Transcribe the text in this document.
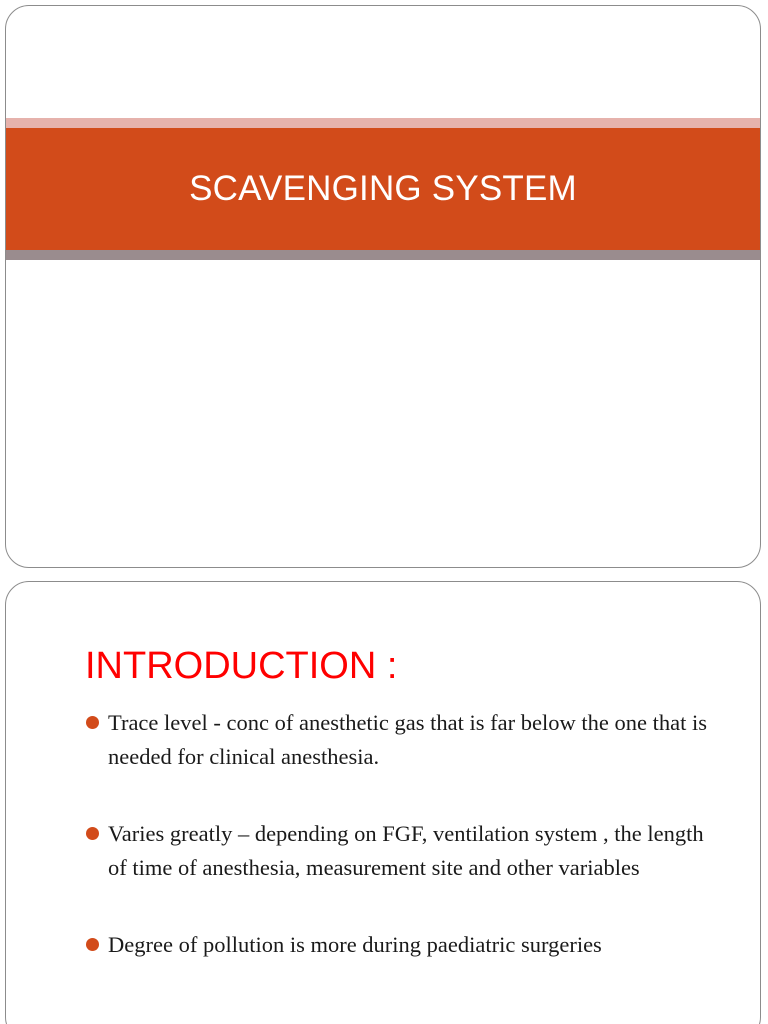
SCAVENGING SYSTEM
INTRODUCTION :
Trace level - conc of anesthetic gas that is far below the one that is needed for clinical anesthesia.
Varies greatly – depending on FGF, ventilation system , the length of time of anesthesia, measurement site and other variables
Degree of pollution is more during paediatric surgeries
